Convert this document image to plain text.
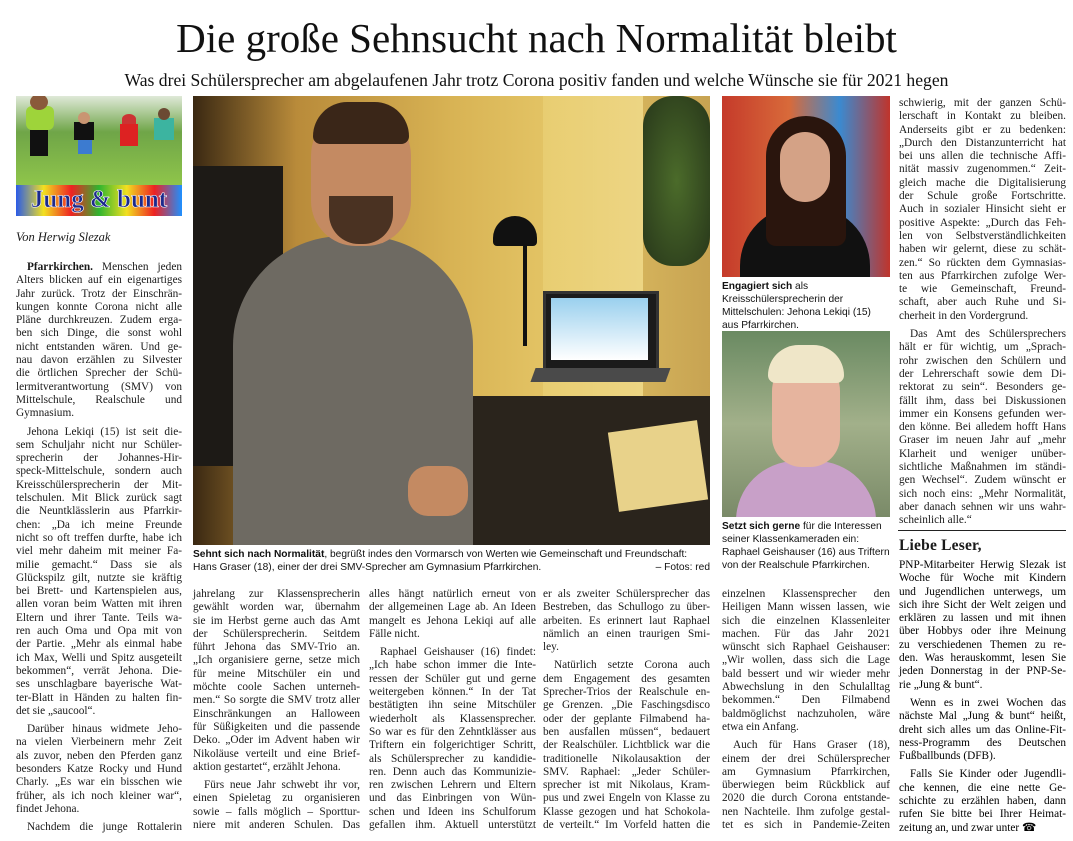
Die große Sehnsucht nach Normalität bleibt
Was drei Schülersprecher am abgelaufenen Jahr trotz Corona positiv fanden und welche Wünsche sie für 2021 hegen
Jung & bunt
Von Herwig Slezak
Sehnt sich nach Normalität, begrüßt indes den Vormarsch von Werten wie Gemeinschaft und Freundschaft: Hans Graser (18), einer der drei SMV-Sprecher am Gymnasium Pfarrkirchen.	– Fotos: red
Engagiert sich als Kreisschülersprecherin der Mittelschulen: Jehona Lekiqi (15) aus Pfarrkirchen.
Setzt sich gerne für die Interessen seiner Klassenkameraden ein: Raphael Geishauser (16) aus Triftern von der Realschule Pfarrkirchen.
Pfarrkirchen. Menschen jeden
Alters blicken auf ein eigenartiges
Jahr zurück. Trotz der Einschrän-
kungen konnte Corona nicht alle
Pläne durchkreuzen. Zudem erga-
ben sich Dinge, die sonst wohl
nicht entstanden wären. Und ge-
nau davon erzählen zu Silvester
die örtlichen Sprecher der Schü-
lermitverantwortung (SMV) von
Mittelschule, Realschule und
Gymnasium.
Jehona Lekiqi (15) ist seit die-
sem Schuljahr nicht nur Schüler-
sprecherin der Johannes-Hir-
speck-Mittelschule, sondern auch
Kreisschülersprecherin der Mit-
telschulen. Mit Blick zurück sagt
die Neuntklässlerin aus Pfarrkir-
chen: „Da ich meine Freunde
nicht so oft treffen durfte, habe ich
viel mehr daheim mit meiner Fa-
milie gemacht.“ Dass sie als
Glückspilz gilt, nutzte sie kräftig
bei Brett- und Kartenspielen aus,
allen voran beim Watten mit ihren
Eltern und ihrer Tante. Teils wa-
ren auch Oma und Opa mit von
der Partie. „Mehr als einmal habe
ich Max, Welli und Spitz ausgeteilt
bekommen“, verrät Jehona. Die-
ses unschlagbare bayerische Wat-
ter-Blatt in Händen zu halten fin-
det sie „saucool“.
Darüber hinaus widmete Jeho-
na vielen Vierbeinern mehr Zeit
als zuvor, neben den Pferden ganz
besonders Katze Rocky und Hund
Charly. „Es war ein bisschen wie
früher, als ich noch kleiner war“,
findet Jehona.
Nachdem die junge Rottalerin
jahrelang zur Klassensprecherin
gewählt worden war, übernahm
sie im Herbst gerne auch das Amt
der Schülersprecherin. Seitdem
führt Jehona das SMV-Trio an.
„Ich organisiere gerne, setze mich
für meine Mitschüler ein und
möchte coole Sachen unterneh-
men.“ So sorgte die SMV trotz aller
Einschränkungen an Halloween
für Süßigkeiten und die passende
Deko. „Oder im Advent haben wir
Nikoläuse verteilt und eine Brief-
aktion gestartet“, erzählt Jehona.
Fürs neue Jahr schwebt ihr vor,
einen Spieletag zu organisieren
sowie – falls möglich – Sporttur-
niere mit anderen Schulen. Das
alles hängt natürlich erneut von
der allgemeinen Lage ab. An Ideen
mangelt es Jehona Lekiqi auf alle
Fälle nicht.
Raphael Geishauser (16) findet:
„Ich habe schon immer die Inte-
ressen der Schüler gut und gerne
weitergeben können.“ In der Tat
bestätigten ihn seine Mitschüler
wiederholt als Klassensprecher.
So war es für den Zehntklässer aus
Triftern ein folgerichtiger Schritt,
als Schülersprecher zu kandidie-
ren. Denn auch das Kommunizie-
ren zwischen Lehrern und Eltern
und das Einbringen von Wün-
schen und Ideen ins Schulforum
gefallen ihm. Aktuell unterstützt
er als zweiter Schülersprecher das
Bestreben, das Schullogo zu über-
arbeiten. Es erinnert laut Raphael
nämlich an einen traurigen Smi-
ley.
Natürlich setzte Corona auch
dem Engagement des gesamten
Sprecher-Trios der Realschule en-
ge Grenzen. „Die Faschingsdisco
oder der geplante Filmabend ha-
ben ausfallen müssen“, bedauert
der Realschüler. Lichtblick war die
traditionelle Nikolausaktion der
SMV. Raphael: „Jeder Schüler-
sprecher ist mit Nikolaus, Kram-
pus und zwei Engeln von Klasse zu
Klasse gezogen und hat Schokola-
de verteilt.“ Im Vorfeld hatten die
einzelnen Klassensprecher den
Heiligen Mann wissen lassen, wie
sich die einzelnen Klassenleiter
machen. Für das Jahr 2021
wünscht sich Raphael Geishauser:
„Wir wollen, dass sich die Lage
bald bessert und wir wieder mehr
Abwechslung in den Schulalltag
bekommen.“ Den Filmabend
baldmöglichst nachzuholen, wäre
etwa ein Anfang.
Auch für Hans Graser (18),
einem der drei Schülersprecher
am Gymnasium Pfarrkirchen,
überwiegen beim Rückblick auf
2020 die durch Corona entstande-
nen Nachteile. Ihm zufolge gestal-
tet es sich in Pandemie-Zeiten
schwierig, mit der ganzen Schü-
lerschaft in Kontakt zu bleiben.
Anderseits gibt er zu bedenken:
„Durch den Distanzunterricht hat
bei uns allen die technische Affi-
nität massiv zugenommen.“ Zeit-
gleich mache die Digitalisierung
der Schule große Fortschritte.
Auch in sozialer Hinsicht sieht er
positive Aspekte: „Durch das Feh-
len von Selbstverständlichkeiten
haben wir gelernt, diese zu schät-
zen.“ So rückten dem Gymnasias-
ten aus Pfarrkirchen zufolge Wer-
te wie Gemeinschaft, Freund-
schaft, aber auch Ruhe und Si-
cherheit in den Vordergrund.
Das Amt des Schülersprechers
hält er für wichtig, um „Sprach-
rohr zwischen den Schülern und
der Lehrerschaft sowie dem Di-
rektorat zu sein“. Besonders ge-
fällt ihm, dass bei Diskussionen
immer ein Konsens gefunden wer-
den könne. Bei alledem hofft Hans
Graser im neuen Jahr auf „mehr
Klarheit und weniger unüber-
sichtliche Maßnahmen im ständi-
gen Wechsel“. Zudem wünscht er
sich noch eins: „Mehr Normalität,
aber danach sehnen wir uns wahr-
scheinlich alle.“
Liebe Leser,
PNP-Mitarbeiter Herwig Slezak ist
Woche für Woche mit Kindern
und Jugendlichen unterwegs, um
sich ihre Sicht der Welt zeigen und
erklären zu lassen und mit ihnen
über Hobbys oder ihre Meinung
zu verschiedenen Themen zu re-
den. Was herauskommt, lesen Sie
jeden Donnerstag in der PNP-Se-
rie „Jung & bunt“.
Wenn es in zwei Wochen das
nächste Mal „Jung & bunt“ heißt,
dreht sich alles um das Online-Fit-
ness-Programm des Deutschen
Fußballbunds (DFB).
Falls Sie Kinder oder Jugendli-
che kennen, die eine nette Ge-
schichte zu erzählen haben, dann
rufen Sie bitte bei Ihrer Heimat-
zeitung an, und zwar unter ☎
